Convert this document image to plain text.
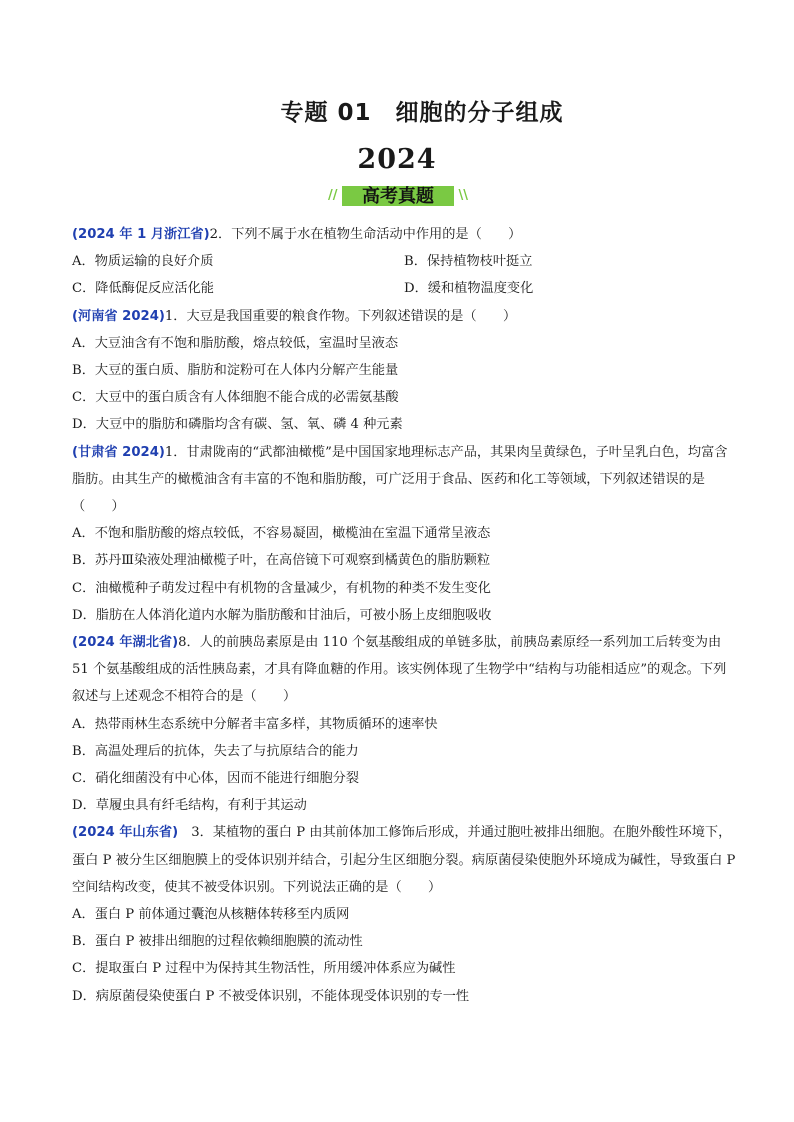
专题 01　细胞的分子组成
2024
//	高考真题	\\
(2024 年 1 月浙江省)2．下列不属于水在植物生命活动中作用的是（　　）
A．物质运输的良好介质	B．保持植物枝叶挺立
C．降低酶促反应活化能	D．缓和植物温度变化
(河南省 2024)1．大豆是我国重要的粮食作物。下列叙述错误的是（　　）
A．大豆油含有不饱和脂肪酸，熔点较低，室温时呈液态
B．大豆的蛋白质、脂肪和淀粉可在人体内分解产生能量
C．大豆中的蛋白质含有人体细胞不能合成的必需氨基酸
D．大豆中的脂肪和磷脂均含有碳、氢、氧、磷 4 种元素
(甘肃省 2024)1．甘肃陇南的“武都油橄榄”是中国国家地理标志产品，其果肉呈黄绿色，子叶呈乳白色，均富含脂肪。由其生产的橄榄油含有丰富的不饱和脂肪酸，可广泛用于食品、医药和化工等领域，下列叙述错误的是（　　）
A．不饱和脂肪酸的熔点较低，不容易凝固，橄榄油在室温下通常呈液态
B．苏丹Ⅲ染液处理油橄榄子叶，在高倍镜下可观察到橘黄色的脂肪颗粒
C．油橄榄种子萌发过程中有机物的含量减少，有机物的种类不发生变化
D．脂肪在人体消化道内水解为脂肪酸和甘油后，可被小肠上皮细胞吸收
(2024 年湖北省)8．人的前胰岛素原是由 110 个氨基酸组成的单链多肽，前胰岛素原经一系列加工后转变为由 51 个氨基酸组成的活性胰岛素，才具有降血糖的作用。该实例体现了生物学中“结构与功能相适应”的观念。下列叙述与上述观念不相符合的是（　　）
A．热带雨林生态系统中分解者丰富多样，其物质循环的速率快
B．高温处理后的抗体，失去了与抗原结合的能力
C．硝化细菌没有中心体，因而不能进行细胞分裂
D．草履虫具有纤毛结构，有利于其运动
(2024 年山东省)　3．某植物的蛋白 P 由其前体加工修饰后形成，并通过胞吐被排出细胞。在胞外酸性环境下，蛋白 P 被分生区细胞膜上的受体识别并结合，引起分生区细胞分裂。病原菌侵染使胞外环境成为碱性，导致蛋白 P 空间结构改变，使其不被受体识别。下列说法正确的是（　　）
A．蛋白 P 前体通过囊泡从核糖体转移至内质网
B．蛋白 P 被排出细胞的过程依赖细胞膜的流动性
C．提取蛋白 P 过程中为保持其生物活性，所用缓冲体系应为碱性
D．病原菌侵染使蛋白 P 不被受体识别，不能体现受体识别的专一性
